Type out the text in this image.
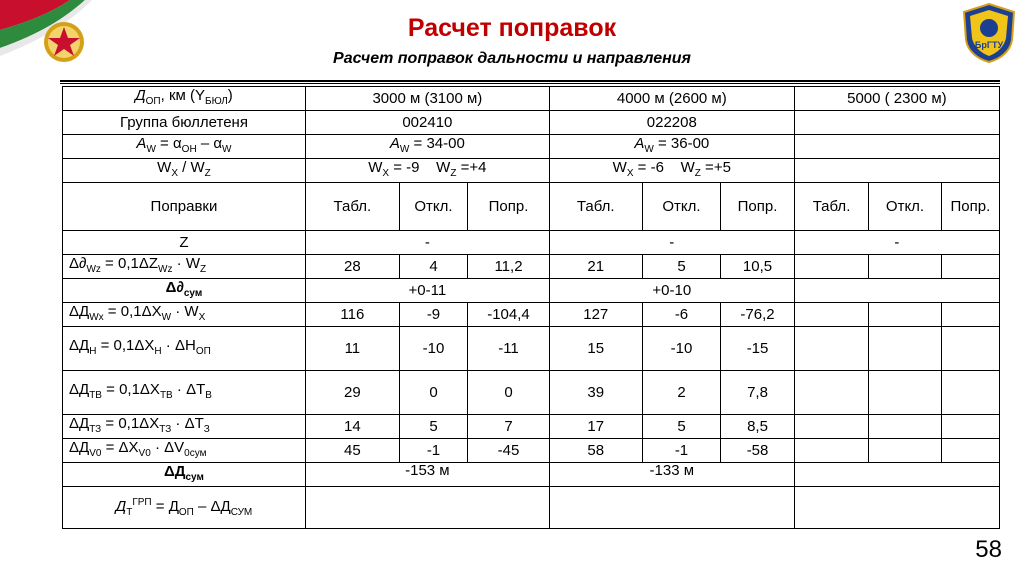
БрГТУ
Расчет поправок
Расчет поправок дальности и направления
$Д_{ОП}$, км $(Y_{БЮЛ})$	3000 м (3100 м)			4000 м (2600 м)			5000 ( 2300 м)		
Группа бюллетеня	002410			022208					
$A_W = \alpha_{ОН} - \alpha_W$	$A_W = 34-00$			$A_W = 36-00$					
$W_X / W_Z$	$W_X = -9$    $W_Z =+4$			$W_X = -6$    $W_Z =+5$					
Поправки	Табл.	Откл.	Попр.	Табл.	Откл.	Попр.	Табл.	Откл.	Попр.
Z	-			-			-		
$\Delta\partial_{Wz} = 0,1\Delta Z_{Wz} \cdot W_Z$	28	4	11,2	21	5	10,5			
$\Delta\partial_{сум}$	+0-11			+0-10					
$\Delta Д_{Wx} = 0,1\Delta X_W \cdot W_X$	116	-9	-104,4	127	-6	-76,2			
$\Delta Д_Н = 0,1\Delta X_Н \cdot \Delta H_{ОП}$	11	-10	-11	15	-10	-15			
$\Delta Д_{ТВ} = 0,1\Delta X_{ТВ} \cdot \Delta T_В$	29	0	0	39	2	7,8			
$\Delta Д_{ТЗ} = 0,1\Delta X_{ТЗ} \cdot \Delta T_З$	14	5	7	17	5	8,5			
$\Delta Д_{V0} = \Delta X_{V0} \cdot \Delta V_{0сум}$	45	-1	-45	58	-1	-58			
$\Delta Д_{сум}$	-153 м			-133 м					
$Д_Т^{ГРП} = Д_{ОП} - \Delta Д_{СУМ}$			
58
